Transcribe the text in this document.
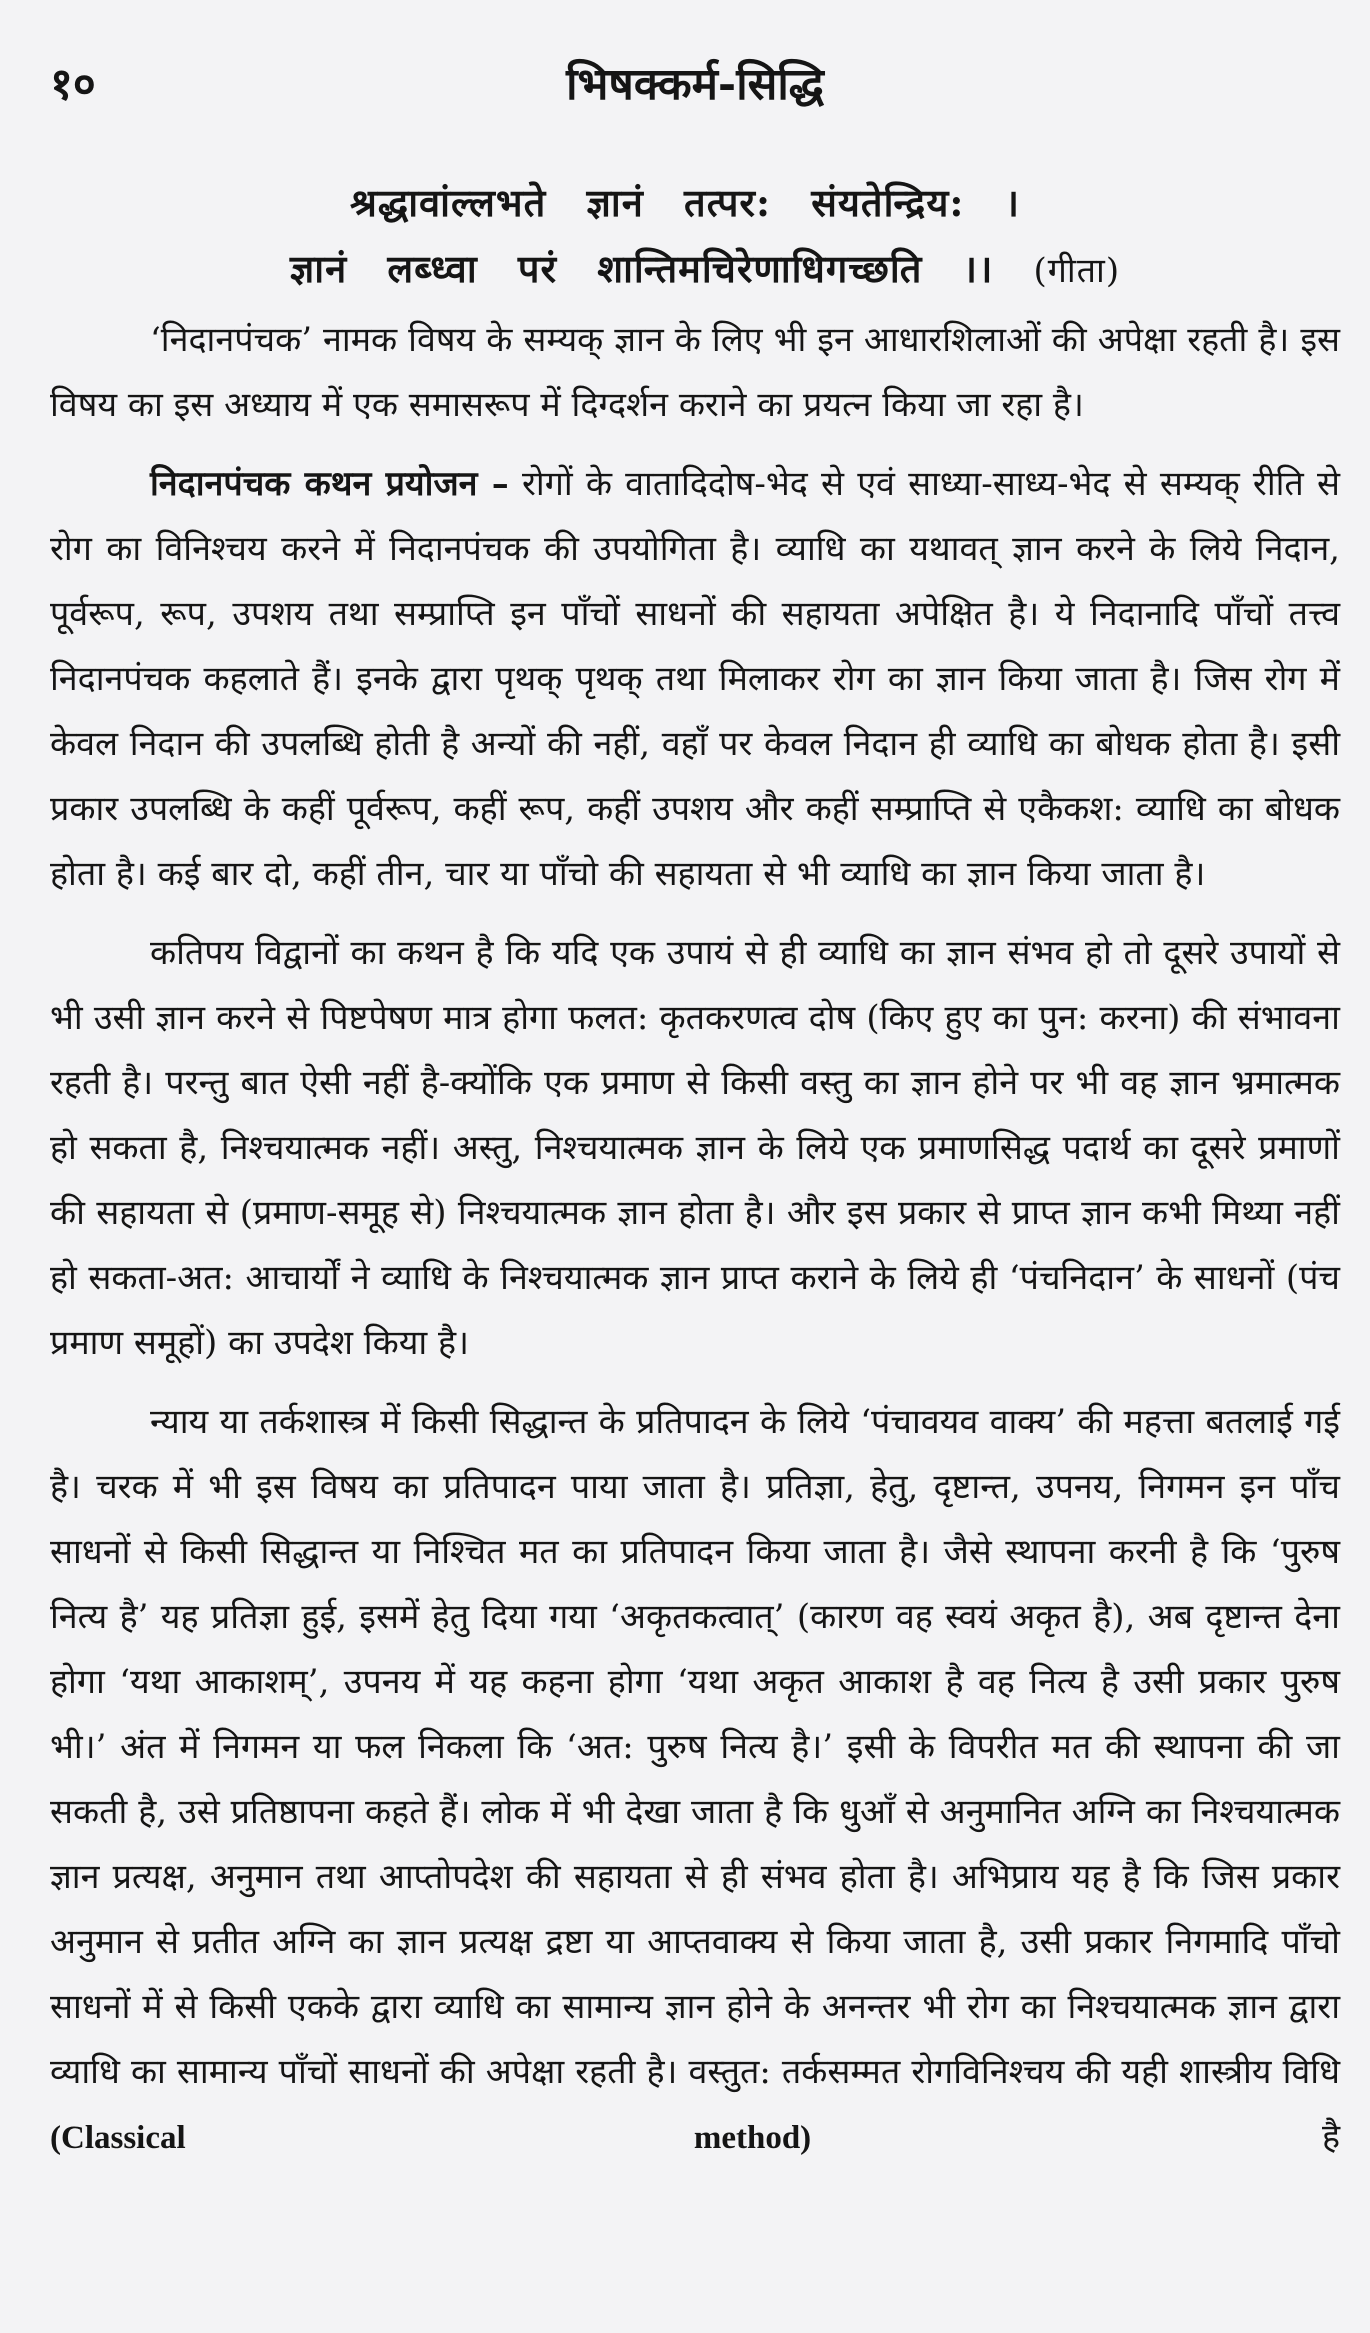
१०	भिषक्कर्म-सिद्धि
श्रद्धावांल्लभते ज्ञानं तत्पर: संयतेन्द्रिय: ।
ज्ञानं लब्ध्वा परं शान्तिमचिरेणाधिगच्छति ।। (गीता)

‘निदानपंचक’ नामक विषय के सम्यक् ज्ञान के लिए भी इन आधारशिलाओं की अपेक्षा रहती है। इस विषय का इस अध्याय में एक समासरूप में दिग्दर्शन कराने का प्रयत्न किया जा रहा है।

निदानपंचक कथन प्रयोजन – रोगों के वातादिदोष-भेद से एवं साध्या-साध्य-भेद से सम्यक् रीति से रोग का विनिश्चय करने में निदानपंचक की उपयोगिता है। व्याधि का यथावत् ज्ञान करने के लिये निदान, पूर्वरूप, रूप, उपशय तथा सम्प्राप्ति इन पाँचों साधनों की सहायता अपेक्षित है। ये निदानादि पाँचों तत्त्व निदानपंचक कहलाते हैं। इनके द्वारा पृथक् पृथक् तथा मिलाकर रोग का ज्ञान किया जाता है। जिस रोग में केवल निदान की उपलब्धि होती है अन्यों की नहीं, वहाँ पर केवल निदान ही व्याधि का बोधक होता है। इसी प्रकार उपलब्धि के कहीं पूर्वरूप, कहीं रूप, कहीं उपशय और कहीं सम्प्राप्ति से एकैकश: व्याधि का बोधक होता है। कई बार दो, कहीं तीन, चार या पाँचो की सहायता से भी व्याधि का ज्ञान किया जाता है।

कतिपय विद्वानों का कथन है कि यदि एक उपायं से ही व्याधि का ज्ञान संभव हो तो दूसरे उपायों से भी उसी ज्ञान करने से पिष्टपेषण मात्र होगा फलत: कृतकरणत्व दोष (किए हुए का पुन: करना) की संभावना रहती है। परन्तु बात ऐसी नहीं है-क्योंकि एक प्रमाण से किसी वस्तु का ज्ञान होने पर भी वह ज्ञान भ्रमात्मक हो सकता है, निश्चयात्मक नहीं। अस्तु, निश्चयात्मक ज्ञान के लिये एक प्रमाणसिद्ध पदार्थ का दूसरे प्रमाणों की सहायता से (प्रमाण-समूह से) निश्चयात्मक ज्ञान होता है। और इस प्रकार से प्राप्त ज्ञान कभी मिथ्या नहीं हो सकता-अत: आचार्यों ने व्याधि के निश्चयात्मक ज्ञान प्राप्त कराने के लिये ही ‘पंचनिदान’ के साधनों (पंच प्रमाण समूहों) का उपदेश किया है।

न्याय या तर्कशास्त्र में किसी सिद्धान्त के प्रतिपादन के लिये ‘पंचावयव वाक्य’ की महत्ता बतलाई गई है। चरक में भी इस विषय का प्रतिपादन पाया जाता है। प्रतिज्ञा, हेतु, दृष्टान्त, उपनय, निगमन इन पाँच साधनों से किसी सिद्धान्त या निश्चित मत का प्रतिपादन किया जाता है। जैसे स्थापना करनी है कि ‘पुरुष नित्य है’ यह प्रतिज्ञा हुई, इसमें हेतु दिया गया ‘अकृतकत्वात्’ (कारण वह स्वयं अकृत है), अब दृष्टान्त देना होगा ‘यथा आकाशम्’, उपनय में यह कहना होगा ‘यथा अकृत आकाश है वह नित्य है उसी प्रकार पुरुष भी।’ अंत में निगमन या फल निकला कि ‘अत: पुरुष नित्य है।’ इसी के विपरीत मत की स्थापना की जा सकती है, उसे प्रतिष्ठापना कहते हैं। लोक में भी देखा जाता है कि धुआँ से अनुमानित अग्नि का निश्चयात्मक ज्ञान प्रत्यक्ष, अनुमान तथा आप्तोपदेश की सहायता से ही संभव होता है। अभिप्राय यह है कि जिस प्रकार अनुमान से प्रतीत अग्नि का ज्ञान प्रत्यक्ष द्रष्टा या आप्तवाक्य से किया जाता है, उसी प्रकार निगमादि पाँचो साधनों में से किसी एकके द्वारा व्याधि का सामान्य ज्ञान होने के अनन्तर भी रोग का निश्चयात्मक ज्ञान द्वारा व्याधि का सामान्य पाँचों साधनों की अपेक्षा रहती है। वस्तुत: तर्कसम्मत रोगविनिश्चय की यही शास्त्रीय विधि (Classical method)	है
